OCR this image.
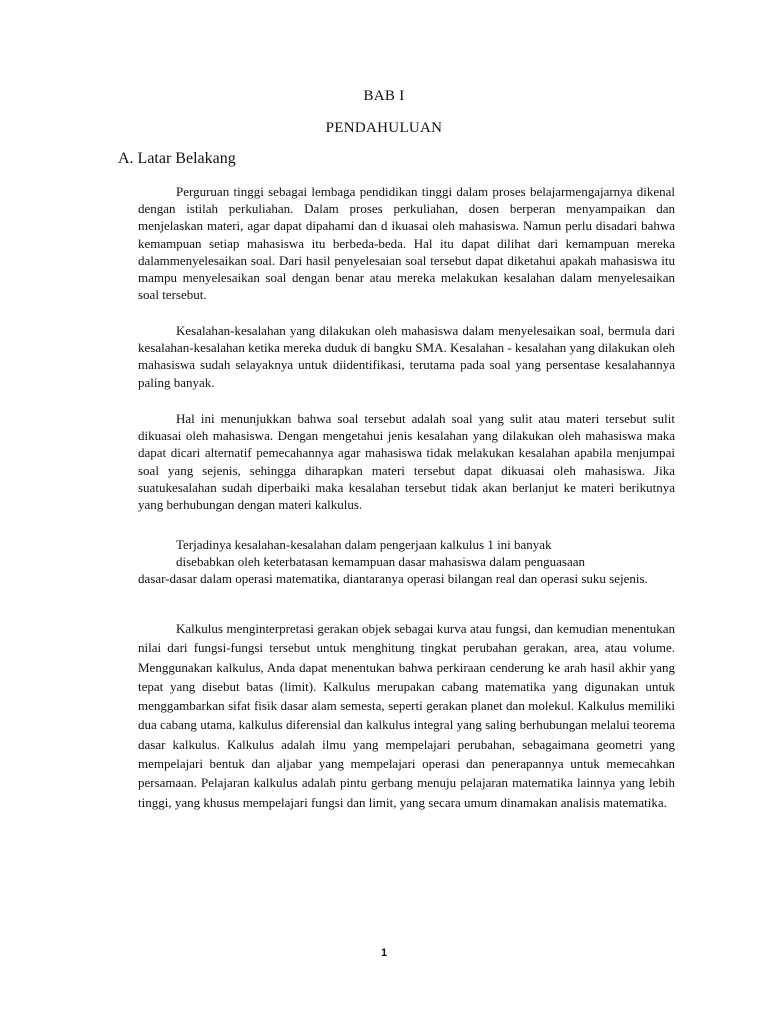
BAB I
PENDAHULUAN
A. Latar Belakang

Perguruan tinggi sebagai lembaga pendidikan tinggi dalam proses belajarmengajarnya dikenal dengan istilah perkuliahan. Dalam proses perkuliahan, dosen berperan menyampaikan dan menjelaskan materi, agar dapat dipahami dan d ikuasai oleh mahasiswa. Namun perlu disadari bahwa kemampuan setiap mahasiswa itu berbeda-beda. Hal itu dapat dilihat dari kemampuan mereka dalammenyelesaikan soal. Dari hasil penyelesaian soal tersebut dapat diketahui apakah mahasiswa itu mampu menyelesaikan soal dengan benar atau mereka melakukan kesalahan dalam menyelesaikan soal tersebut.

Kesalahan-kesalahan yang dilakukan oleh mahasiswa dalam menyelesaikan soal, bermula dari kesalahan-kesalahan ketika mereka duduk di bangku SMA. Kesalahan - kesalahan yang dilakukan oleh mahasiswa sudah selayaknya untuk diidentifikasi, terutama pada soal yang persentase kesalahannya paling banyak.

Hal ini menunjukkan bahwa soal tersebut adalah soal yang sulit atau materi tersebut sulit dikuasai oleh mahasiswa. Dengan mengetahui jenis kesalahan yang dilakukan oleh mahasiswa maka dapat dicari alternatif pemecahannya agar mahasiswa tidak melakukan kesalahan apabila menjumpai soal yang sejenis, sehingga diharapkan materi tersebut dapat dikuasai oleh mahasiswa. Jika suatukesalahan sudah diperbaiki maka kesalahan tersebut tidak akan berlanjut ke materi berikutnya yang berhubungan dengan materi kalkulus.

Terjadinya kesalahan-kesalahan dalam pengerjaan kalkulus 1 ini banyak

disebabkan oleh keterbatasan kemampuan dasar mahasiswa dalam penguasaan

dasar-dasar dalam operasi matematika, diantaranya operasi bilangan real dan operasi suku sejenis.

Kalkulus menginterpretasi gerakan objek sebagai kurva atau fungsi, dan kemudian menentukan nilai dari fungsi-fungsi tersebut untuk menghitung tingkat perubahan gerakan, area, atau volume. Menggunakan kalkulus, Anda dapat menentukan bahwa perkiraan cenderung ke arah hasil akhir yang tepat yang disebut batas (limit). Kalkulus merupakan cabang matematika yang digunakan untuk menggambarkan sifat fisik dasar alam semesta, seperti gerakan planet dan molekul. Kalkulus memiliki dua cabang utama, kalkulus diferensial dan kalkulus integral yang saling berhubungan melalui teorema dasar kalkulus. Kalkulus adalah ilmu yang mempelajari perubahan, sebagaimana geometri yang mempelajari bentuk dan aljabar yang mempelajari operasi dan penerapannya untuk memecahkan persamaan. Pelajaran kalkulus adalah pintu gerbang menuju pelajaran matematika lainnya yang lebih tinggi, yang khusus mempelajari fungsi dan limit, yang secara umum dinamakan analisis matematika.

1
